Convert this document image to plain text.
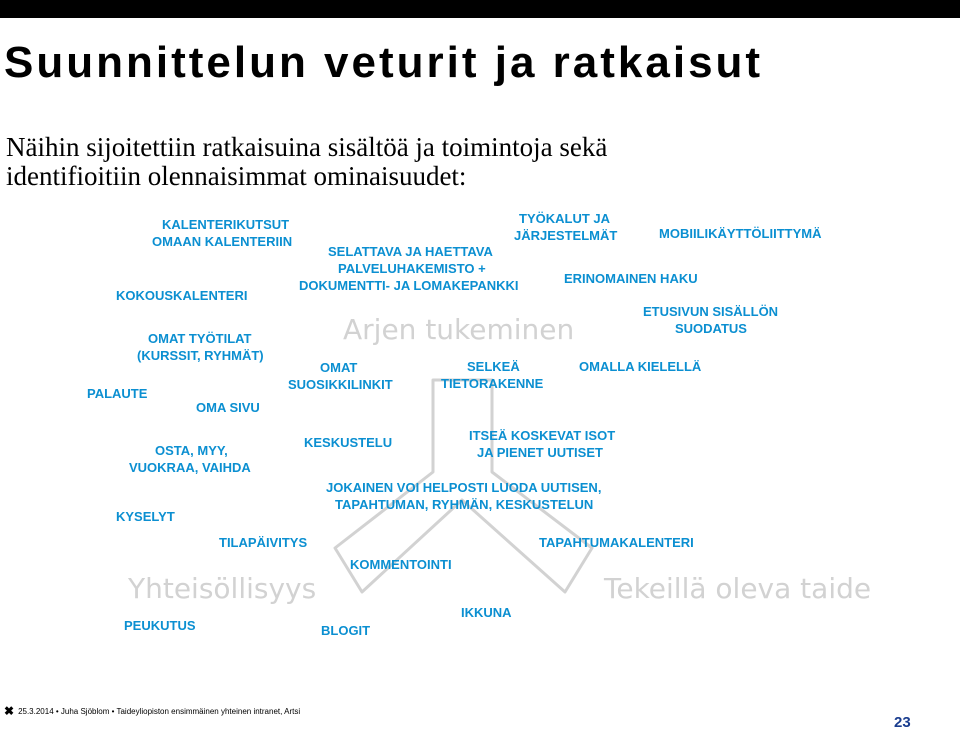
Suunnittelun veturit ja ratkaisut

Näihin sijoitettiin ratkaisuina sisältöä ja toimintoja sekä
identifioitiin olennaisimmat ominaisuudet:

Arjen tukeminen
Yhteisöllisyys	Tekeillä oleva taide
KALENTERIKUTSUT OMAAN KALENTERIIN
KOKOUSKALENTERI
SELATTAVA JA HAETTAVA PALVELUHAKEMISTO + DOKUMENTTI- JA LOMAKEPANKKI
TYÖKALUT JA JÄRJESTELMÄT	MOBIILIKÄYTTÖLIITTYMÄ
ERINOMAINEN HAKU
ETUSIVUN SISÄLLÖN SUODATUS
OMAT TYÖTILAT (KURSSIT, RYHMÄT)
OMAT SUOSIKKILINKIT
SELKEÄ TIETORAKENNE
OMALLA KIELELLÄ
PALAUTE
OMA SIVU
KESKUSTELU	ITSEÄ KOSKEVAT ISOT JA PIENET UUTISET
OSTA, MYY, VUOKRAA, VAIHDA
JOKAINEN VOI HELPOSTI LUODA UUTISEN, TAPAHTUMAN, RYHMÄN, KESKUSTELUN
KYSELYT
TILAPÄIVITYS	TAPAHTUMAKALENTERI
KOMMENTOINTI
PEUKUTUS	BLOGIT
IKKUNA
✖ 25.3.2014 • Juha Sjöblom • Taideyliopiston ensimmäinen yhteinen intranet, Artsi
23
